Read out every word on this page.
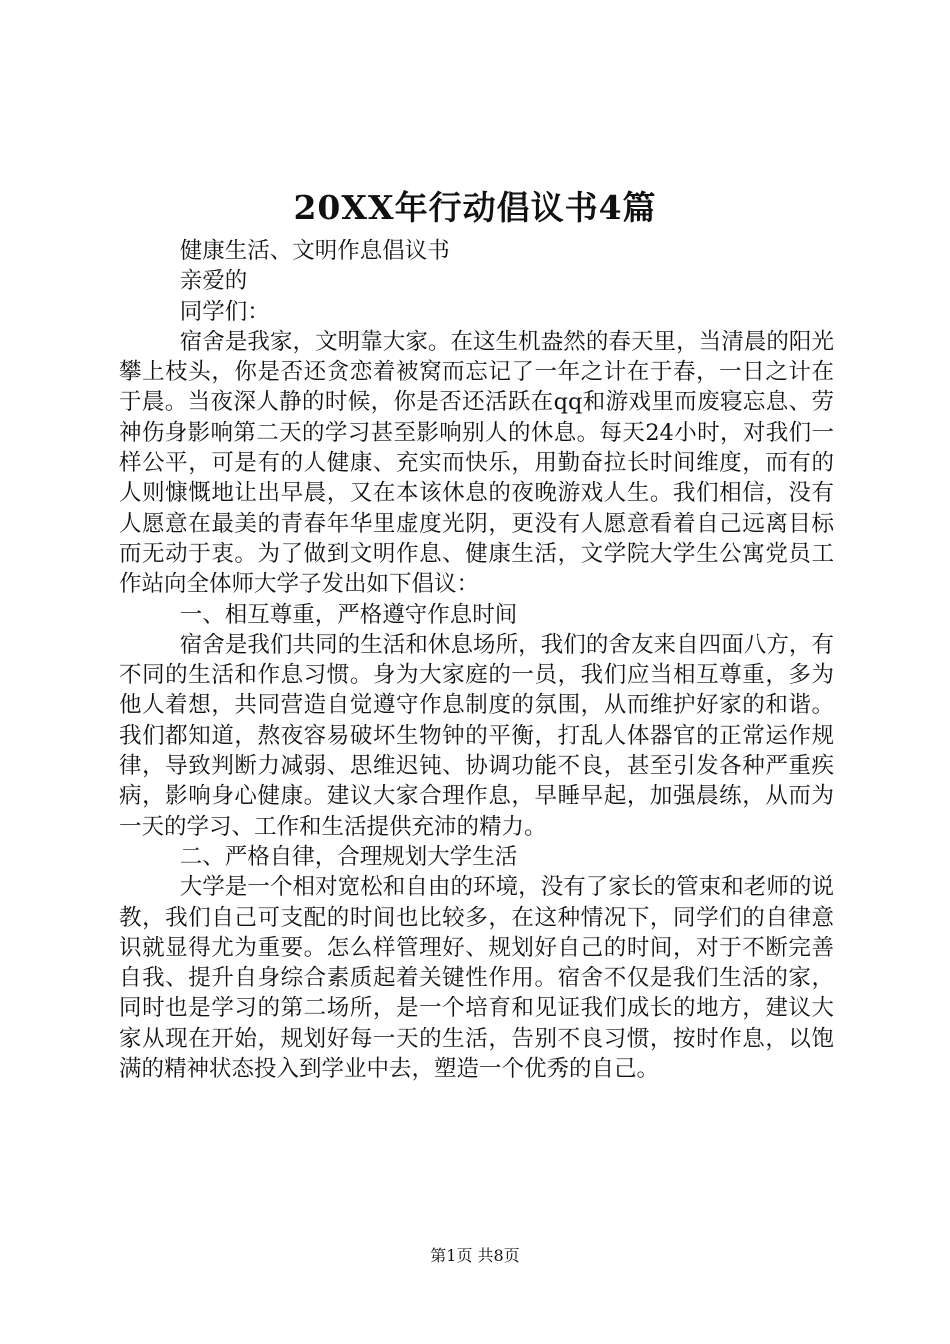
20XX年行动倡议书4篇

健康生活、文明作息倡议书

亲爱的

同学们：

宿舍是我家，文明靠大家。在这生机盎然的春天里，当清晨的阳光攀上枝头，你是否还贪恋着被窝而忘记了一年之计在于春，一日之计在于晨。当夜深人静的时候，你是否还活跃在qq和游戏里而废寝忘息、劳神伤身影响第二天的学习甚至影响别人的休息。每天24小时，对我们一样公平，可是有的人健康、充实而快乐，用勤奋拉长时间维度，而有的人则慷慨地让出早晨，又在本该休息的夜晚游戏人生。我们相信，没有人愿意在最美的青春年华里虚度光阴，更没有人愿意看着自己远离目标而无动于衷。为了做到文明作息、健康生活，文学院大学生公寓党员工作站向全体师大学子发出如下倡议：

一、相互尊重，严格遵守作息时间

宿舍是我们共同的生活和休息场所，我们的舍友来自四面八方，有不同的生活和作息习惯。身为大家庭的一员，我们应当相互尊重，多为他人着想，共同营造自觉遵守作息制度的氛围，从而维护好家的和谐。我们都知道，熬夜容易破坏生物钟的平衡，打乱人体器官的正常运作规律，导致判断力减弱、思维迟钝、协调功能不良，甚至引发各种严重疾病，影响身心健康。建议大家合理作息，早睡早起，加强晨练，从而为一天的学习、工作和生活提供充沛的精力。

二、严格自律，合理规划大学生活

大学是一个相对宽松和自由的环境，没有了家长的管束和老师的说教，我们自己可支配的时间也比较多，在这种情况下，同学们的自律意识就显得尤为重要。怎么样管理好、规划好自己的时间，对于不断完善自我、提升自身综合素质起着关键性作用。宿舍不仅是我们生活的家，同时也是学习的第二场所，是一个培育和见证我们成长的地方，建议大家从现在开始，规划好每一天的生活，告别不良习惯，按时作息，以饱满的精神状态投入到学业中去，塑造一个优秀的自己。

第1页 共8页
